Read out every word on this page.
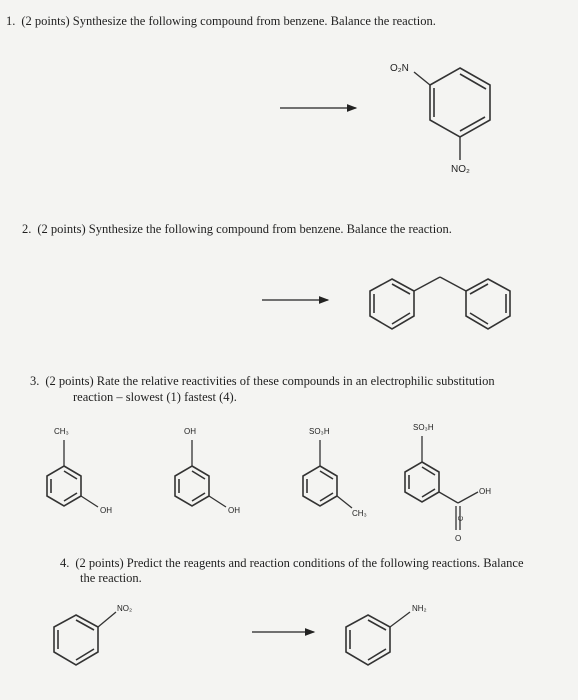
1. (2 points) Synthesize the following compound from benzene. Balance the reaction.
2. (2 points) Synthesize the following compound from benzene. Balance the reaction.
3. (2 points) Rate the relative reactivities of these compounds in an electrophilic substitution
reaction – slowest (1) fastest (4).
4. (2 points) Predict the reagents and reaction conditions of the following reactions. Balance
the reaction.
O₂N
NO₂
CH₃
OH
OH
OH
SO₃H
CH₃
SO₃H
OH
O
C
NO₂	NH₂
